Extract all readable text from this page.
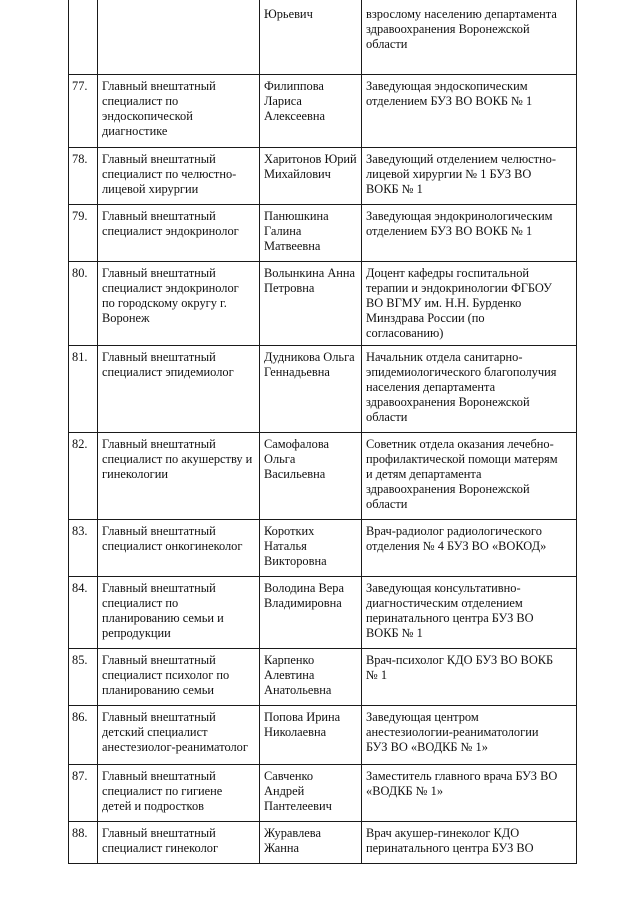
		Юрьевич	взрослому населению департамента
здравоохранения Воронежской
области
77.	Главный внештатный
специалист по
эндоскопической
диагностике	Филиппова
Лариса
Алексеевна	Заведующая эндоскопическим
отделением БУЗ ВО ВОКБ № 1
78.	Главный внештатный
специалист по челюстно-
лицевой хирургии	Харитонов Юрий
Михайлович	Заведующий отделением челюстно-
лицевой хирургии № 1 БУЗ ВО
ВОКБ № 1
79.	Главный внештатный
специалист эндокринолог	Панюшкина
Галина
Матвеевна	Заведующая эндокринологическим
отделением БУЗ ВО ВОКБ № 1
80.	Главный внештатный
специалист эндокринолог
по городскому округу г.
Воронеж	Волынкина Анна
Петровна	Доцент кафедры госпитальной
терапии и эндокринологии ФГБОУ
ВО ВГМУ им. Н.Н. Бурденко
Минздрава России (по
согласованию)
81.	Главный внештатный
специалист эпидемиолог	Дудникова Ольга
Геннадьевна	Начальник отдела санитарно-
эпидемиологического благополучия
населения департамента
здравоохранения Воронежской
области
82.	Главный внештатный
специалист по акушерству и
гинекологии	Самофалова
Ольга
Васильевна	Советник отдела оказания лечебно-
профилактической помощи матерям
и детям департамента
здравоохранения Воронежской
области
83.	Главный внештатный
специалист онкогинеколог	Коротких
Наталья
Викторовна	Врач-радиолог радиологического
отделения № 4 БУЗ ВО «ВОКОД»
84.	Главный внештатный
специалист по
планированию семьи и
репродукции	Володина Вера
Владимировна	Заведующая консультативно-
диагностическим отделением
перинатального центра БУЗ ВО
ВОКБ № 1
85.	Главный внештатный
специалист психолог по
планированию семьи	Карпенко
Алевтина
Анатольевна	Врач-психолог КДО БУЗ ВО ВОКБ
№ 1
86.	Главный внештатный
детский специалист
анестезиолог-реаниматолог	Попова Ирина
Николаевна	Заведующая центром
анестезиологии-реаниматологии
БУЗ ВО «ВОДКБ № 1»
87.	Главный внештатный
специалист по гигиене
детей и подростков	Савченко
Андрей
Пантелеевич	Заместитель главного врача БУЗ ВО
«ВОДКБ № 1»
88.	Главный внештатный
специалист гинеколог	Журавлева
Жанна	Врач акушер-гинеколог КДО
перинатального центра БУЗ ВО
